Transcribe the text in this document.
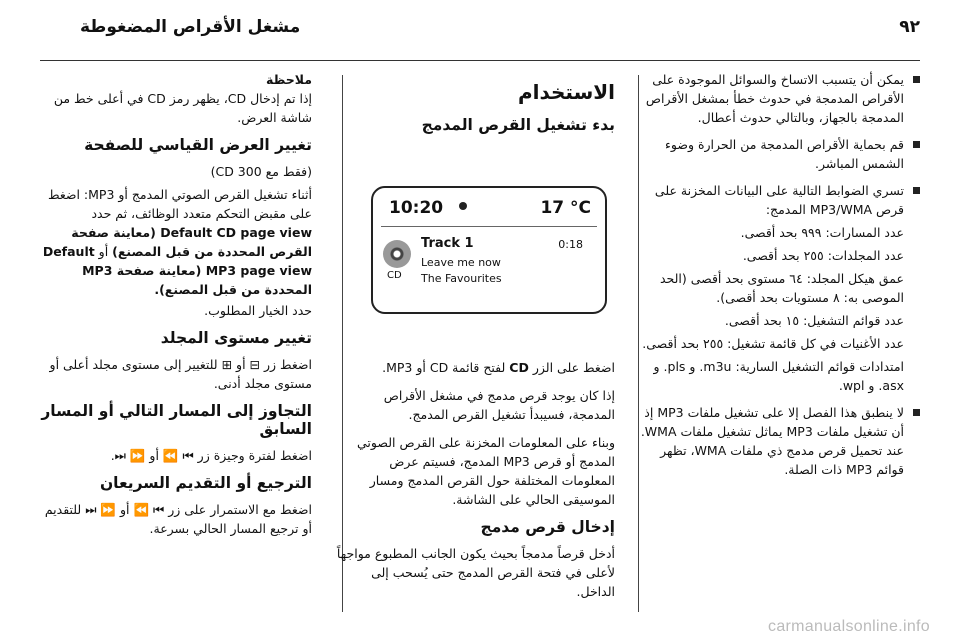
٩٢
مشغل الأقراص المضغوطة
يمكن أن يتسبب الاتساخ والسوائل الموجودة على الأقراص المدمجة في حدوث خطأ بمشغل الأقراص المدمجة بالجهاز، وبالتالي حدوث أعطال.
قم بحماية الأقراص المدمجة من الحرارة وضوء الشمس المباشر.
تسري الضوابط التالية على البيانات المخزنة على قرص MP3/WMA المدمج:
عدد المسارات: ٩٩٩ بحد أقصى.
عدد المجلدات: ٢٥٥ بحد أقصى.
عمق هيكل المجلد: ٦٤ مستوى بحد أقصى (الحد الموصى به: ٨ مستويات بحد أقصى).
عدد قوائم التشغيل: ١٥ بحد أقصى.
عدد الأغنيات في كل قائمة تشغيل: ٢٥٥ بحد أقصى.
امتدادات قوائم التشغيل السارية: m3u. و pls. و asx. و wpl.
لا ينطبق هذا الفصل إلا على تشغيل ملفات MP3 إذ أن تشغيل ملفات MP3 يماثل تشغيل ملفات WMA. عند تحميل قرص مدمج ذي ملفات WMA، تظهر قوائم MP3 ذات الصلة.
الاستخدام
بدء تشغيل القرص المدمج
10:20	17 °C
CD
Track 1	0:18
Leave me now
The Favourites

اضغط على الزر CD لفتح قائمة CD أو MP3.

إذا كان يوجد قرص مدمج في مشغل الأقراص المدمجة، فسيبدأ تشغيل القرص المدمج.

وبناء على المعلومات المخزنة على القرص الصوتي المدمج أو قرص MP3 المدمج، فسيتم عرض المعلومات المختلفة حول القرص المدمج ومسار الموسيقى الحالي على الشاشة.

إدخال قرص مدمج

أدخل قرصاً مدمجاً بحيث يكون الجانب المطبوع مواجهاً لأعلى في فتحة القرص المدمج حتى يُسحب إلى الداخل.

ملاحظة

إذا تم إدخال CD، يظهر رمز CD في أعلى خط من شاشة العرض.

تغيير العرض القياسي للصفحة

(فقط مع CD 300)

أثناء تشغيل القرص الصوتي المدمج أو MP3: اضغط على مقبض التحكم متعدد الوظائف، ثم حدد Default CD page view (معاينة صفحة القرص المحددة من قبل المصنع) أو Default MP3 page view (معاينة صفحة MP3 المحددة من قبل المصنع).

حدد الخيار المطلوب.

تغيير مستوى المجلد

اضغط زر ⊟ أو ⊞ للتغيير إلى مستوى مجلد أعلى أو مستوى مجلد أدنى.

التجاوز إلى المسار التالي أو المسار السابق

اضغط لفترة وجيزة زر ⏮ ⏪ أو ⏩ ⏭.

الترجيع أو التقديم السريعان

اضغط مع الاستمرار على زر ⏮ ⏪ أو ⏩ ⏭ للتقديم أو ترجيع المسار الحالي بسرعة.

carmanualsonline.info
